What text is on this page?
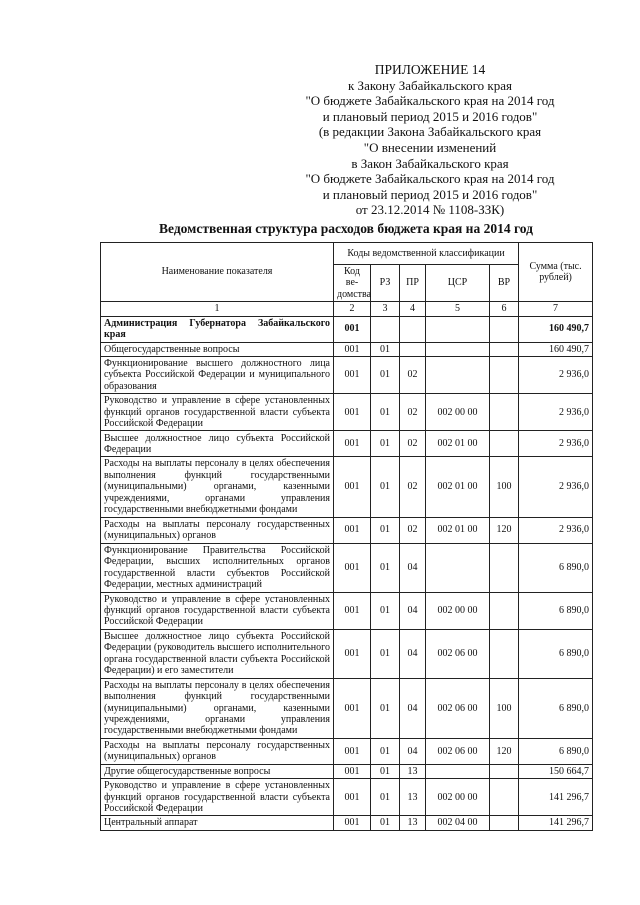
ПРИЛОЖЕНИЕ 14
к Закону Забайкальского края
"О бюджете Забайкальского края на 2014 год
и плановый период 2015 и 2016 годов"
(в редакции Закона Забайкальского края
"О внесении изменений
в Закон Забайкальского края
"О бюджете Забайкальского края на 2014 год
и плановый период 2015 и 2016 годов"
от 23.12.2014 № 1108-ЗЗК)
Ведомственная структура расходов бюджета края на 2014 год
Наименование показателя	Коды ведомственной классификации					Сумма (тыс. рублей)
	Код ве-домства	РЗ	ПР	ЦСР	ВР	
1	2	3	4	5	6	7
Администрация Губернатора Забайкальского края	001					160 490,7
Общегосударственные вопросы	001	01				160 490,7
Функционирование высшего должностного лица субъекта Российской Федерации и муниципального образования	001	01	02			2 936,0
Руководство и управление в сфере установленных функций органов государственной власти субъекта Российской Федерации	001	01	02	002 00 00		2 936,0
Высшее должностное лицо субъекта Российской Федерации	001	01	02	002 01 00		2 936,0
Расходы на выплаты персоналу в целях обеспечения выполнения функций государственными (муниципальными) органами, казенными учреждениями, органами управления государственными внебюджетными фондами	001	01	02	002 01 00	100	2 936,0
Расходы на выплаты персоналу государственных (муниципальных) органов	001	01	02	002 01 00	120	2 936,0
Функционирование Правительства Российской Федерации, высших исполнительных органов государственной власти субъектов Российской Федерации, местных администраций	001	01	04			6 890,0
Руководство и управление в сфере установленных функций органов государственной власти субъекта Российской Федерации	001	01	04	002 00 00		6 890,0
Высшее должностное лицо субъекта Российской Федерации (руководитель высшего исполнительного органа государственной власти субъекта Российской Федерации) и его заместители	001	01	04	002 06 00		6 890,0
Расходы на выплаты персоналу в целях обеспечения выполнения функций государственными (муниципальными) органами, казенными учреждениями, органами управления государственными внебюджетными фондами	001	01	04	002 06 00	100	6 890,0
Расходы на выплаты персоналу государственных (муниципальных) органов	001	01	04	002 06 00	120	6 890,0
Другие общегосударственные вопросы	001	01	13			150 664,7
Руководство и управление в сфере установленных функций органов государственной власти субъекта Российской Федерации	001	01	13	002 00 00		141 296,7
Центральный аппарат	001	01	13	002 04 00		141 296,7
